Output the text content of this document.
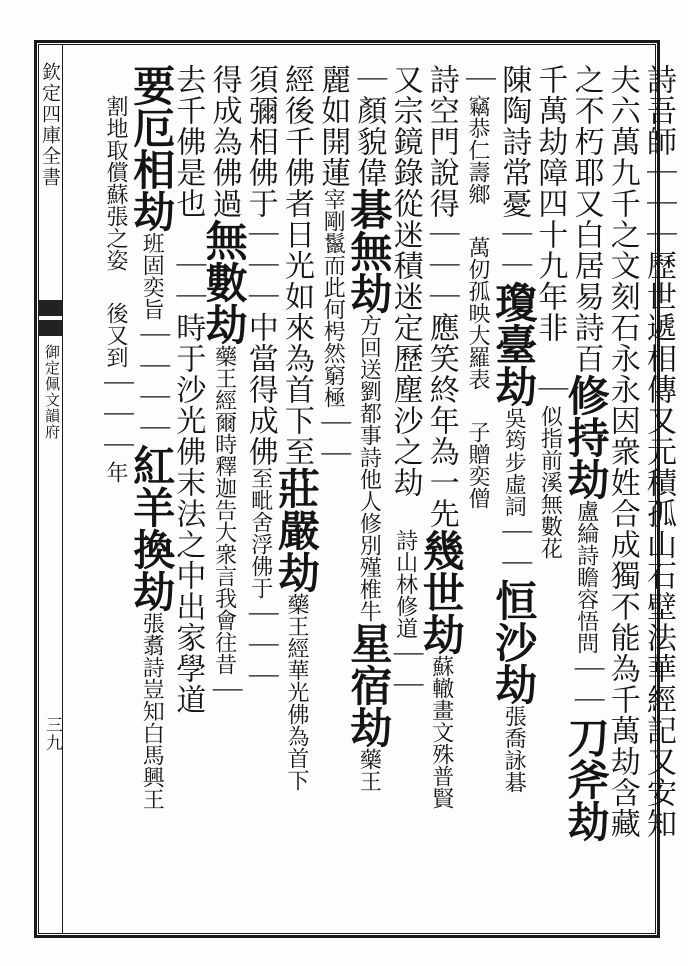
欽定四庫全書
御定佩文韻府
三九
詩吾師｜｜｜歷世遞相傳又元積孤山石壁法華經記又安知
夫六萬九千之文刻石永永因衆姓合成獨不能為千萬劫含藏
之不朽耶又白居易詩百修持劫盧綸詩瞻容悟問｜｜刀斧劫
千萬劫障四十九年非　｜似指前溪無數花
陳陶詩常憂｜｜瓊臺劫吳筠步虛詞｜｜恒沙劫張喬詠碁
｜竊恭仁壽鄉　萬仞孤映大羅表　子贈奕僧
詩空門說得｜｜｜應笑終年為一先幾世劫蘇轍畫文殊普賢
又宗鏡錄從迷積迷定歷塵沙之劫　詩山林修道｜｜
｜顏貌偉碁無劫方回送劉都事詩他人修別殣椎牛星宿劫藥王
麗如開蓮宰剛鬣而此何枵然窮極｜｜
經後千佛者日光如來為首下至莊嚴劫藥王經華光佛為首下
須彌相佛于｜｜｜中當得成佛至毗舍浮佛于｜｜｜
得成為佛過無數劫藥王經爾時釋迦告大衆言我會往昔｜
去千佛是也　｜｜時于沙光佛末法之中出家學道
要厄相劫班固奕旨｜｜｜｜紅羊換劫張翥詩豈知白馬興王
　割地取償蘇張之姿　後又到｜｜｜年
